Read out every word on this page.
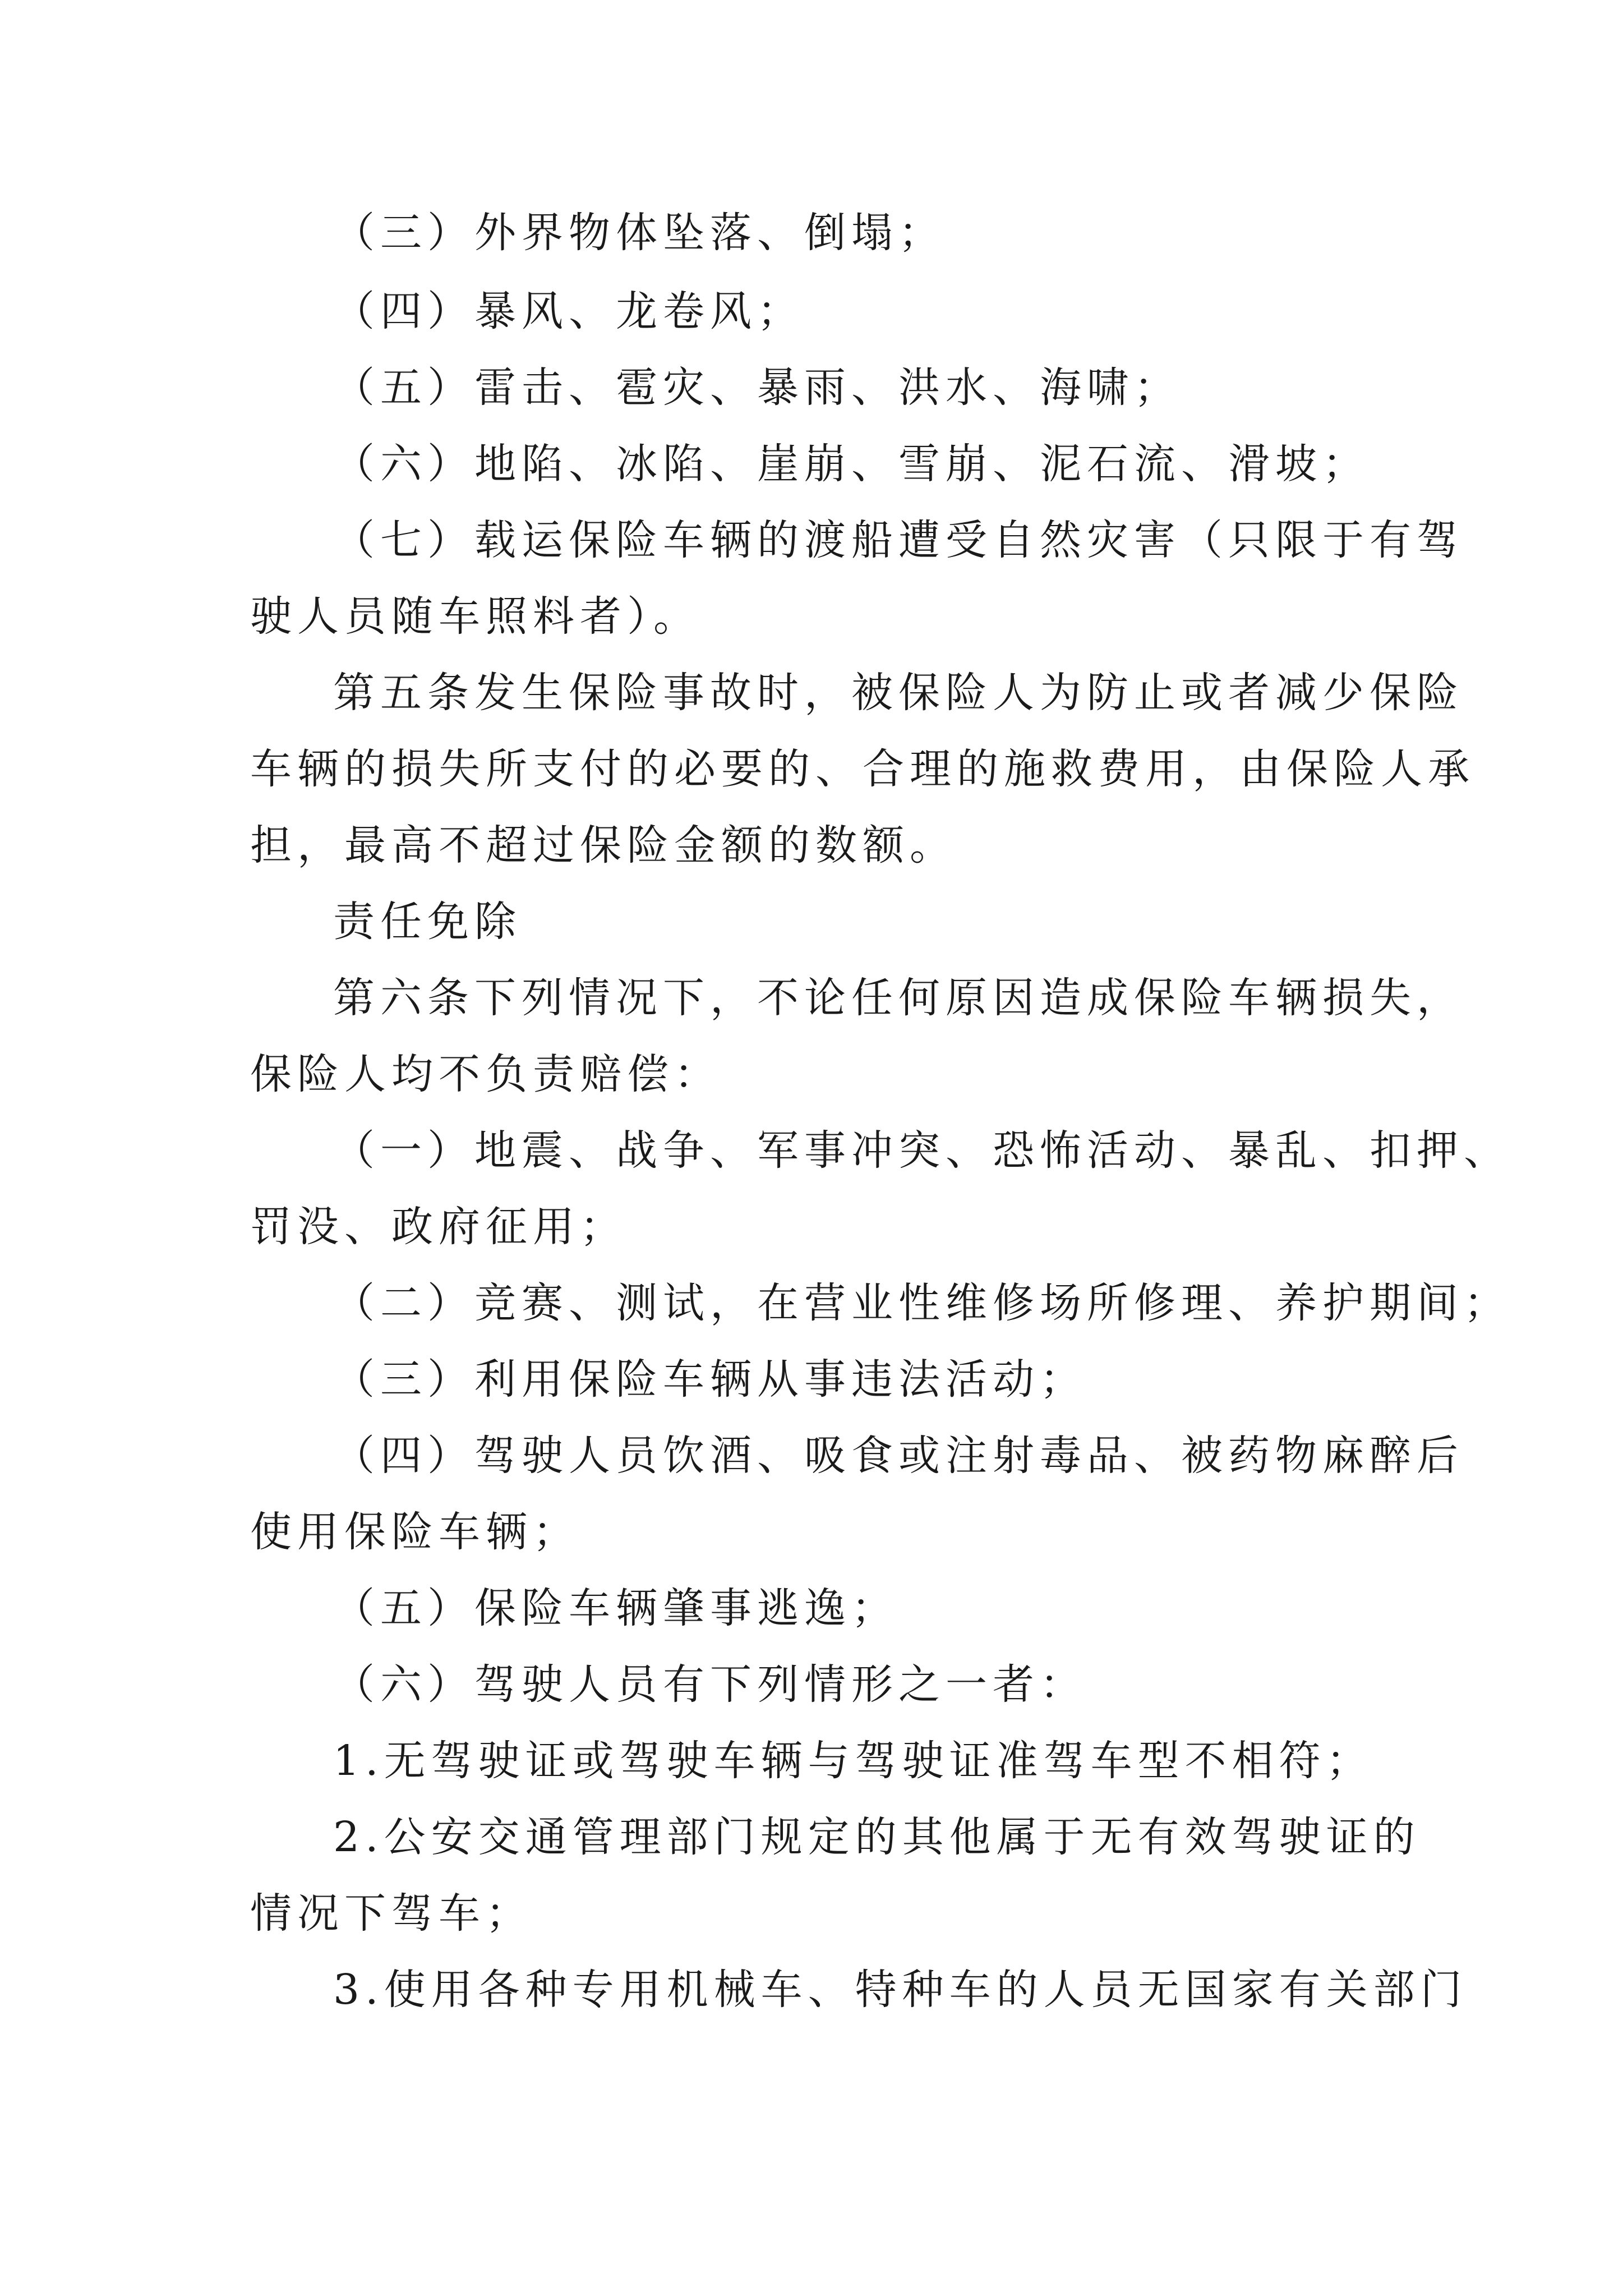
（三）外界物体坠落、倒塌；
（四）暴风、龙卷风；
（五）雷击、雹灾、暴雨、洪水、海啸；
（六）地陷、冰陷、崖崩、雪崩、泥石流、滑坡；
（七）载运保险车辆的渡船遭受自然灾害（只限于有驾
驶人员随车照料者）。
第五条发生保险事故时，被保险人为防止或者减少保险
车辆的损失所支付的必要的、合理的施救费用，由保险人承
担，最高不超过保险金额的数额。
责任免除
第六条下列情况下，不论任何原因造成保险车辆损失，
保险人均不负责赔偿：
（一）地震、战争、军事冲突、恐怖活动、暴乱、扣押、
罚没、政府征用；
（二）竞赛、测试，在营业性维修场所修理、养护期间；
（三）利用保险车辆从事违法活动；
（四）驾驶人员饮酒、吸食或注射毒品、被药物麻醉后
使用保险车辆；
（五）保险车辆肇事逃逸；
（六）驾驶人员有下列情形之一者：
1.无驾驶证或驾驶车辆与驾驶证准驾车型不相符；
2.公安交通管理部门规定的其他属于无有效驾驶证的
情况下驾车；
3.使用各种专用机械车、特种车的人员无国家有关部门
